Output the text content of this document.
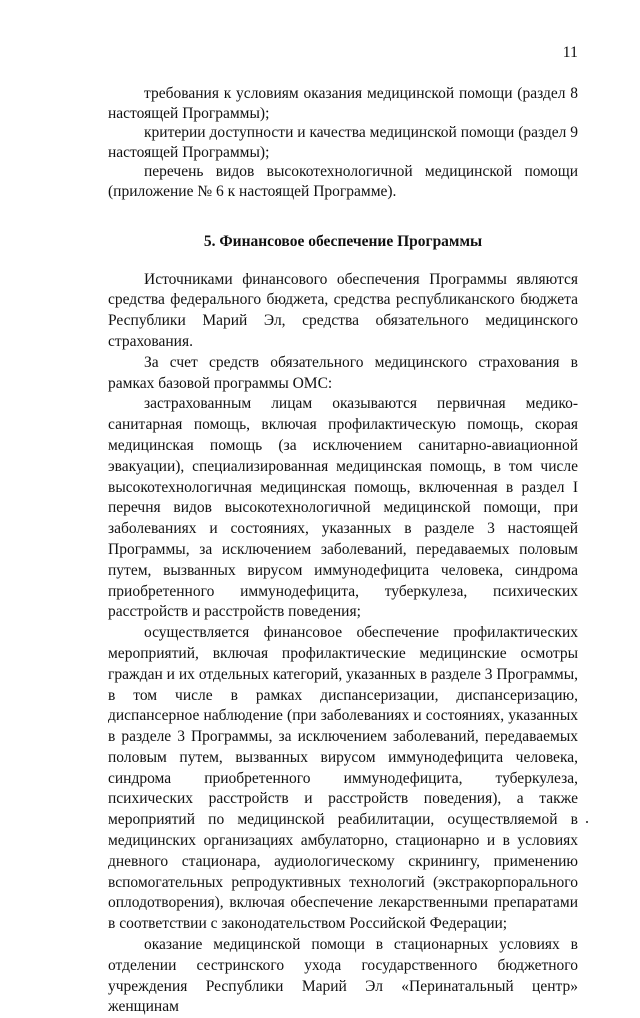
11

требования к условиям оказания медицинской помощи (раздел 8 настоящей Программы);

критерии доступности и качества медицинской помощи (раздел 9 настоящей Программы);

перечень видов высокотехнологичной медицинской помощи (приложение № 6 к настоящей Программе).

5. Финансовое обеспечение Программы

Источниками финансового обеспечения Программы являются средства федерального бюджета, средства республиканского бюджета Республики Марий Эл, средства обязательного медицинского страхования.

За счет средств обязательного медицинского страхования в рамках базовой программы ОМС:

застрахованным лицам оказываются первичная медико-санитарная помощь, включая профилактическую помощь, скорая медицинская помощь (за исключением санитарно-авиационной эвакуации), специализированная медицинская помощь, в том числе высокотехнологичная медицинская помощь, включенная в раздел I перечня видов высокотехнологичной медицинской помощи, при заболеваниях и состояниях, указанных в разделе 3 настоящей Программы, за исключением заболеваний, передаваемых половым путем, вызванных вирусом иммунодефицита человека, синдрома приобретенного иммунодефицита, туберкулеза, психических расстройств и расстройств поведения;

осуществляется финансовое обеспечение профилактических мероприятий, включая профилактические медицинские осмотры граждан и их отдельных категорий, указанных в разделе 3 Программы, в том числе в рамках диспансеризации, диспансеризацию, диспансерное наблюдение (при заболеваниях и состояниях, указанных в разделе 3 Программы, за исключением заболеваний, передаваемых половым путем, вызванных вирусом иммунодефицита человека, синдрома приобретенного иммунодефицита, туберкулеза, психических расстройств и расстройств поведения), а также мероприятий по медицинской реабилитации, осуществляемой в медицинских организациях амбулаторно, стационарно и в условиях дневного стационара, аудиологическому скринингу, применению вспомогательных репродуктивных технологий (экстракорпорального оплодотворения), включая обеспечение лекарственными препаратами в соответствии с законодательством Российской Федерации;

оказание медицинской помощи в стационарных условиях в отделении сестринского ухода государственного бюджетного учреждения Республики Марий Эл «Перинатальный центр» женщинам
